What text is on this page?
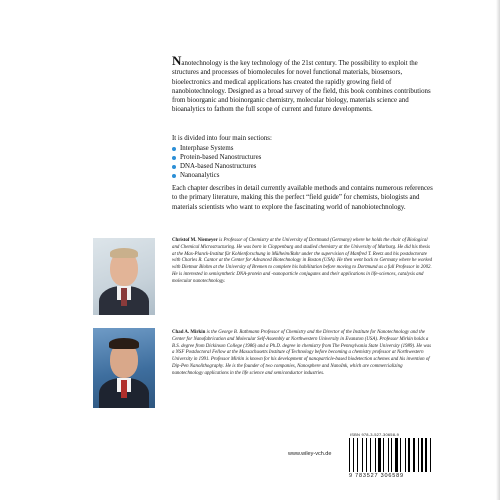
Nanotechnology is the key technology of the 21st century. The possibility to exploit the structures and processes of biomolecules for novel functional materials, biosensors, bioelectronics and medical applications has created the rapidly growing field of nanobiotechnology. Designed as a broad survey of the field, this book combines contributions from bioorganic and bioinorganic chemistry, molecular biology, materials science and bioanalytics to fathom the full scope of current and future developments.

It is divided into four main sections:
Interphase Systems
Protein-based Nanostructures
DNA-based Nanostructures
Nanoanalytics

Each chapter describes in detail currently available methods and contains numerous references to the primary literature, making this the perfect “field guide” for chemists, biologists and materials scientists who want to explore the fascinating world of nanobiotechnology.

Christof M. Niemeyer is Professor of Chemistry at the University of Dortmund (Germany) where he holds the chair of Biological and Chemical Microstructuring. He was born in Cloppenburg and studied chemistry at the University of Marburg. He did his thesis at the Max-Planck-Institut für Kohlenforschung in Mülheim/Ruhr under the supervision of Manfred T. Reetz and his postdoctorate with Charles R. Cantor at the Center for Advanced Biotechnology in Boston (USA). He then went back to Germany where he worked with Dietmar Blohm at the University of Bremen to complete his habilitation before moving to Dortmund as a full Professor in 2002. He is interested in semisynthetic DNA-protein and -nanoparticle conjugates and their applications in life-sciences, catalysis and molecular nanotechnology.
Chad A. Mirkin is the George B. Rathmann Professor of Chemistry and the Director of the Institute for Nanotechnology and the Center for Nanofabrication and Molecular Self-Assembly at Northwestern University in Evanston (USA). Professor Mirkin holds a B.S. degree from Dickinson College (1986) and a Ph.D. degree in chemistry from The Pennsylvania State University (1989). He was a NSF Postdoctoral Fellow at the Massachusetts Institute of Technology before becoming a chemistry professor at Northwestern University in 1991. Professor Mirkin is known for his development of nanoparticle-based biodetection schemes and his invention of Dip-Pen Nanolithography. He is the founder of two companies, Nanosphere and NanoInk, which are commercializing nanotechnology applications in the life science and semiconductor industries.
www.wiley-vch.de
ISBN 978-3-527-30658-9
9 783527 306589
